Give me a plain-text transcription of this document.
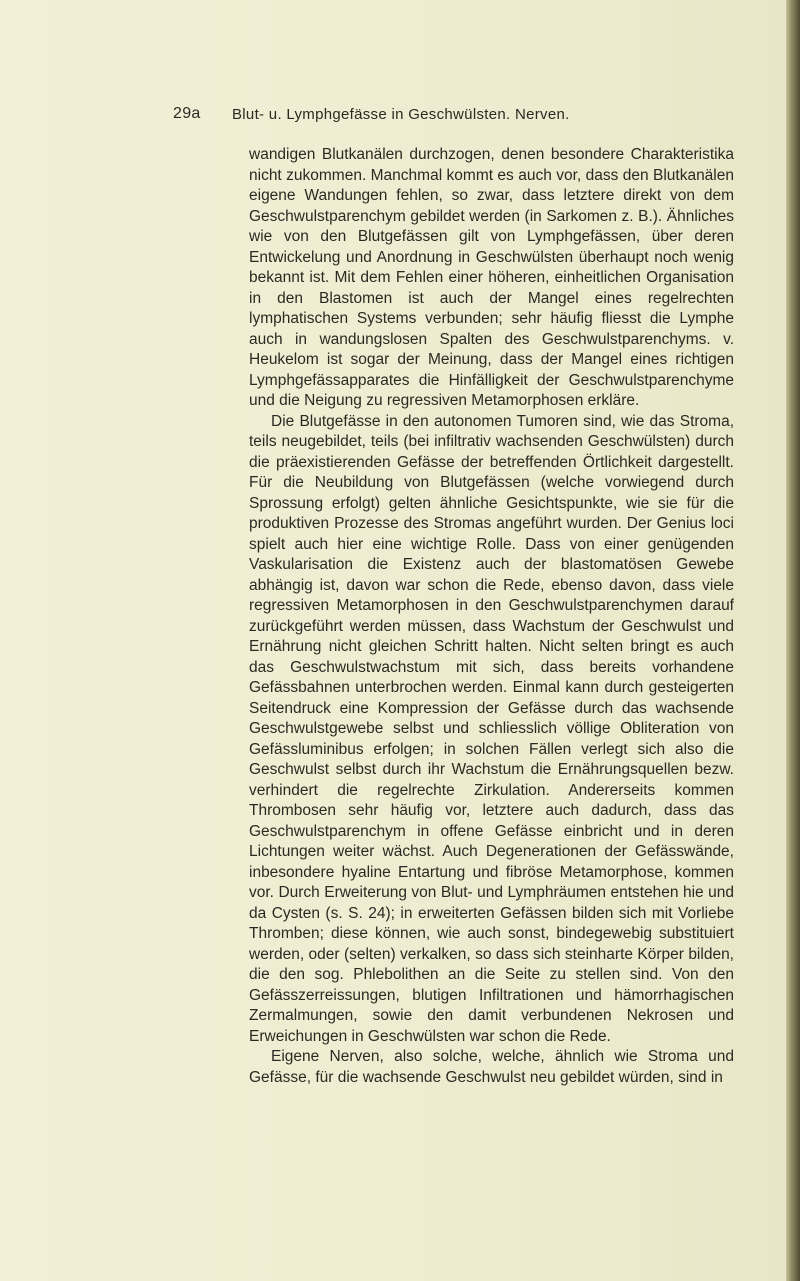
29a Blut- u. Lymphgefässe in Geschwülsten. Nerven.

wandigen Blutkanälen durchzogen, denen besondere Charakteristika nicht zukommen. Manchmal kommt es auch vor, dass den Blutkanälen eigene Wandungen fehlen, so zwar, dass letztere direkt von dem Geschwulstparenchym gebildet werden (in Sarkomen z. B.). Ähnliches wie von den Blutgefässen gilt von Lymphgefässen, über deren Entwickelung und Anordnung in Geschwülsten überhaupt noch wenig bekannt ist. Mit dem Fehlen einer höheren, einheitlichen Organisation in den Blastomen ist auch der Mangel eines regelrechten lymphatischen Systems verbunden; sehr häufig fliesst die Lymphe auch in wandungslosen Spalten des Geschwulstparenchyms. v. Heukelom ist sogar der Meinung, dass der Mangel eines richtigen Lymphgefässapparates die Hinfälligkeit der Geschwulstparenchyme und die Neigung zu regressiven Metamorphosen erkläre.

Die Blutgefässe in den autonomen Tumoren sind, wie das Stroma, teils neugebildet, teils (bei infiltrativ wachsenden Geschwülsten) durch die präexistierenden Gefässe der betreffenden Örtlichkeit dargestellt. Für die Neubildung von Blutgefässen (welche vorwiegend durch Sprossung erfolgt) gelten ähnliche Gesichtspunkte, wie sie für die produktiven Prozesse des Stromas angeführt wurden. Der Genius loci spielt auch hier eine wichtige Rolle. Dass von einer genügenden Vaskularisation die Existenz auch der blastomatösen Gewebe abhängig ist, davon war schon die Rede, ebenso davon, dass viele regressiven Metamorphosen in den Geschwulstparenchymen darauf zurückgeführt werden müssen, dass Wachstum der Geschwulst und Ernährung nicht gleichen Schritt halten. Nicht selten bringt es auch das Geschwulstwachstum mit sich, dass bereits vorhandene Gefässbahnen unterbrochen werden. Einmal kann durch gesteigerten Seitendruck eine Kompression der Gefässe durch das wachsende Geschwulstgewebe selbst und schliesslich völlige Obliteration von Gefässluminibus erfolgen; in solchen Fällen verlegt sich also die Geschwulst selbst durch ihr Wachstum die Ernährungsquellen bezw. verhindert die regelrechte Zirkulation. Andererseits kommen Thrombosen sehr häufig vor, letztere auch dadurch, dass das Geschwulstparenchym in offene Gefässe einbricht und in deren Lichtungen weiter wächst. Auch Degenerationen der Gefässwände, inbesondere hyaline Entartung und fibröse Metamorphose, kommen vor. Durch Erweiterung von Blut- und Lymphräumen entstehen hie und da Cysten (s. S. 24); in erweiterten Gefässen bilden sich mit Vorliebe Thromben; diese können, wie auch sonst, bindegewebig substituiert werden, oder (selten) verkalken, so dass sich steinharte Körper bilden, die den sog. Phlebolithen an die Seite zu stellen sind. Von den Gefässzerreissungen, blutigen Infiltrationen und hämorrhagischen Zermalmungen, sowie den damit verbundenen Nekrosen und Erweichungen in Geschwülsten war schon die Rede.

Eigene Nerven, also solche, welche, ähnlich wie Stroma und Gefässe, für die wachsende Geschwulst neu gebildet würden, sind in
